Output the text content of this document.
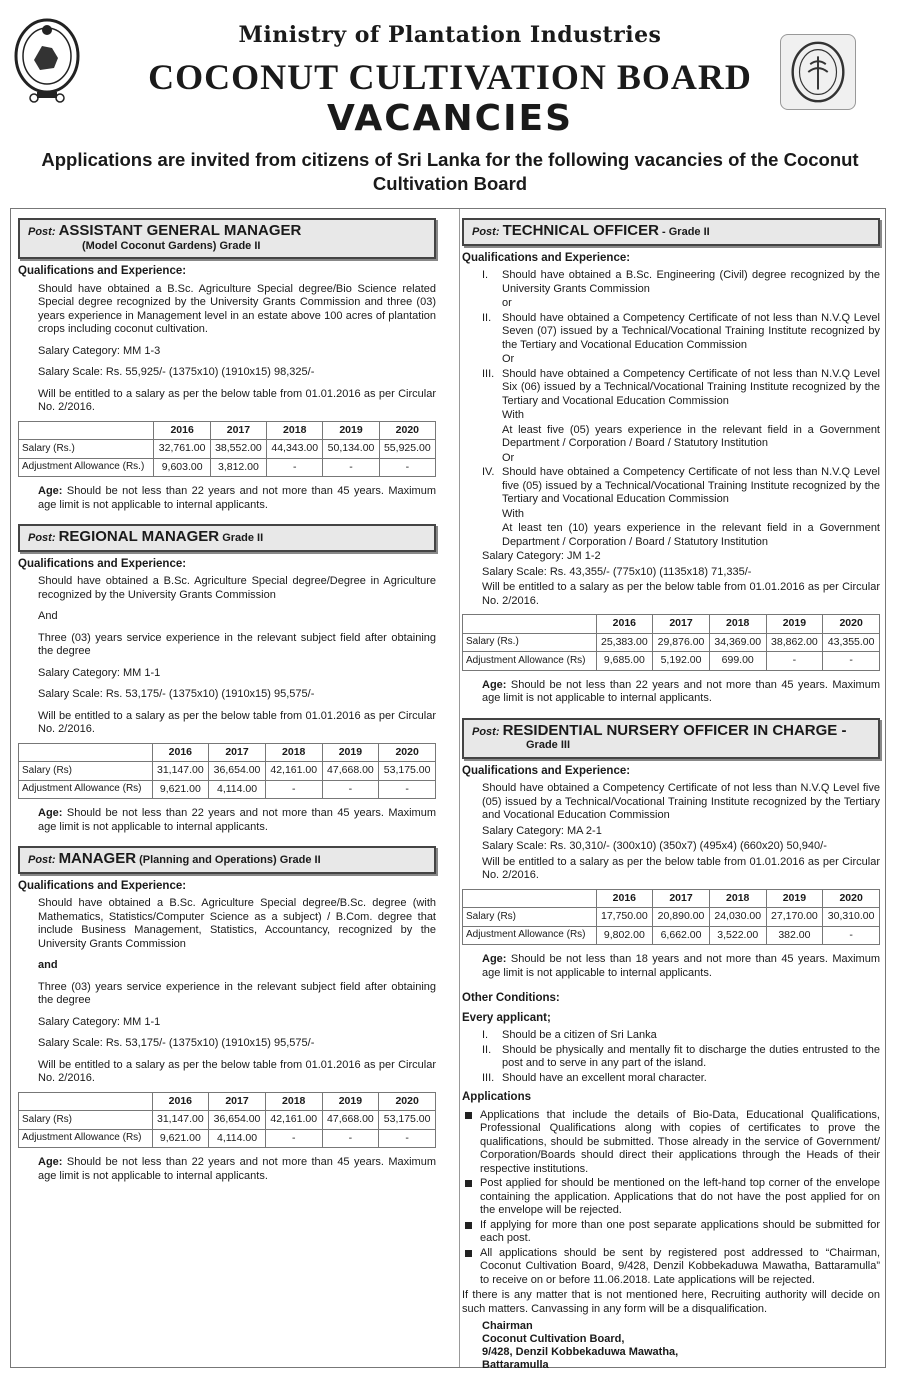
Ministry of Plantation Industries
COCONUT CULTIVATION BOARD
VACANCIES
Applications are invited from citizens of Sri Lanka for the following vacancies of the Coconut Cultivation Board
Post: ASSISTANT GENERAL MANAGER
(Model Coconut Gardens) Grade II
Qualifications and Experience:
Should have obtained a B.Sc. Agriculture Special degree/Bio Science related Special degree recognized by the University Grants Commission and three (03) years experience in Management level in an estate above 100 acres of plantation crops including coconut cultivation.
Salary Category: MM 1-3
Salary Scale: Rs. 55,925/- (1375x10) (1910x15) 98,325/-
Will be entitled to a salary as per the below table from 01.01.2016 as per Circular No. 2/2016.
	2016	2017	2018	2019	2020
Salary (Rs.)	32,761.00	38,552.00	44,343.00	50,134.00	55,925.00
Adjustment Allowance (Rs.)	9,603.00	3,812.00	-	-	-
Age: Should be not less than 22 years and not more than 45 years. Maximum age limit is not applicable to internal applicants.
Post: REGIONAL MANAGER Grade II
Qualifications and Experience:
Should have obtained a B.Sc. Agriculture Special degree/Degree in Agriculture recognized by the University Grants Commission
And
Three (03) years service experience in the relevant subject field after obtaining the degree
Salary Category: MM 1-1
Salary Scale: Rs. 53,175/- (1375x10) (1910x15) 95,575/-
Will be entitled to a salary as per the below table from 01.01.2016 as per Circular No. 2/2016.
	2016	2017	2018	2019	2020
Salary (Rs)	31,147.00	36,654.00	42,161.00	47,668.00	53,175.00
Adjustment Allowance (Rs)	9,621.00	4,114.00	-	-	-
Age: Should be not less than 22 years and not more than 45 years. Maximum age limit is not applicable to internal applicants.
Post: MANAGER (Planning and Operations) Grade II
Qualifications and Experience:
Should have obtained a B.Sc. Agriculture Special degree/B.Sc. degree (with Mathematics, Statistics/Computer Science as a subject) / B.Com. degree that include Business Management, Statistics, Accountancy, recognized by the University Grants Commission
and
Three (03) years service experience in the relevant subject field after obtaining the degree
Salary Category: MM 1-1
Salary Scale: Rs. 53,175/- (1375x10) (1910x15) 95,575/-
Will be entitled to a salary as per the below table from 01.01.2016 as per Circular No. 2/2016.
	2016	2017	2018	2019	2020
Salary (Rs)	31,147.00	36,654.00	42,161.00	47,668.00	53,175.00
Adjustment Allowance (Rs)	9,621.00	4,114.00	-	-	-
Age: Should be not less than 22 years and not more than 45 years. Maximum age limit is not applicable to internal applicants.
Post: TECHNICAL OFFICER - Grade II
Qualifications and Experience:
I. Should have obtained a B.Sc. Engineering (Civil) degree recognized by the University Grants Commission
or
II. Should have obtained a Competency Certificate of not less than N.V.Q Level Seven (07) issued by a Technical/Vocational Training Institute recognized by the Tertiary and Vocational Education Commission
Or
III. Should have obtained a Competency Certificate of not less than N.V.Q Level Six (06) issued by a Technical/Vocational Training Institute recognized by the Tertiary and Vocational Education Commission
With
At least five (05) years experience in the relevant field in a Government Department / Corporation / Board / Statutory Institution
Or
IV. Should have obtained a Competency Certificate of not less than N.V.Q Level five (05) issued by a Technical/Vocational Training Institute recognized by the Tertiary and Vocational Education Commission
With
At least ten (10) years experience in the relevant field in a Government Department / Corporation / Board / Statutory Institution
Salary Category: JM 1-2
Salary Scale: Rs. 43,355/- (775x10) (1135x18) 71,335/-
Will be entitled to a salary as per the below table from 01.01.2016 as per Circular No. 2/2016.
	2016	2017	2018	2019	2020
Salary (Rs.)	25,383.00	29,876.00	34,369.00	38,862.00	43,355.00
Adjustment Allowance (Rs)	9,685.00	5,192.00	699.00	-	-
Age: Should be not less than 22 years and not more than 45 years. Maximum age limit is not applicable to internal applicants.
Post: RESIDENTIAL NURSERY OFFICER IN CHARGE -
Grade III
Qualifications and Experience:
Should have obtained a Competency Certificate of not less than N.V.Q Level five (05) issued by a Technical/Vocational Training Institute recognized by the Tertiary and Vocational Education Commission
Salary Category: MA 2-1
Salary Scale: Rs. 30,310/- (300x10) (350x7) (495x4) (660x20) 50,940/-
Will be entitled to a salary as per the below table from 01.01.2016 as per Circular No. 2/2016.
	2016	2017	2018	2019	2020
Salary (Rs)	17,750.00	20,890.00	24,030.00	27,170.00	30,310.00
Adjustment Allowance (Rs)	9,802.00	6,662.00	3,522.00	382.00	-
Age: Should be not less than 18 years and not more than 45 years. Maximum age limit is not applicable to internal applicants.
Other Conditions:
Every applicant;
I. Should be a citizen of Sri Lanka
II. Should be physically and mentally fit to discharge the duties entrusted to the post and to serve in any part of the island.
III. Should have an excellent moral character.
Applications
Applications that include the details of Bio-Data, Educational Qualifications, Professional Qualifications along with copies of certificates to prove the qualifications, should be submitted. Those already in the service of Government/ Corporation/Boards should direct their applications through the Heads of their respective institutions.
Post applied for should be mentioned on the left-hand top corner of the envelope containing the application. Applications that do not have the post applied for on the envelope will be rejected.
If applying for more than one post separate applications should be submitted for each post.
All applications should be sent by registered post addressed to “Chairman, Coconut Cultivation Board, 9/428, Denzil Kobbekaduwa Mawatha, Battaramulla” to receive on or before 11.06.2018. Late applications will be rejected.
If there is any matter that is not mentioned here, Recruiting authority will decide on such matters. Canvassing in any form will be a disqualification.
Chairman
Coconut Cultivation Board,
9/428, Denzil Kobbekaduwa Mawatha,
Battaramulla
